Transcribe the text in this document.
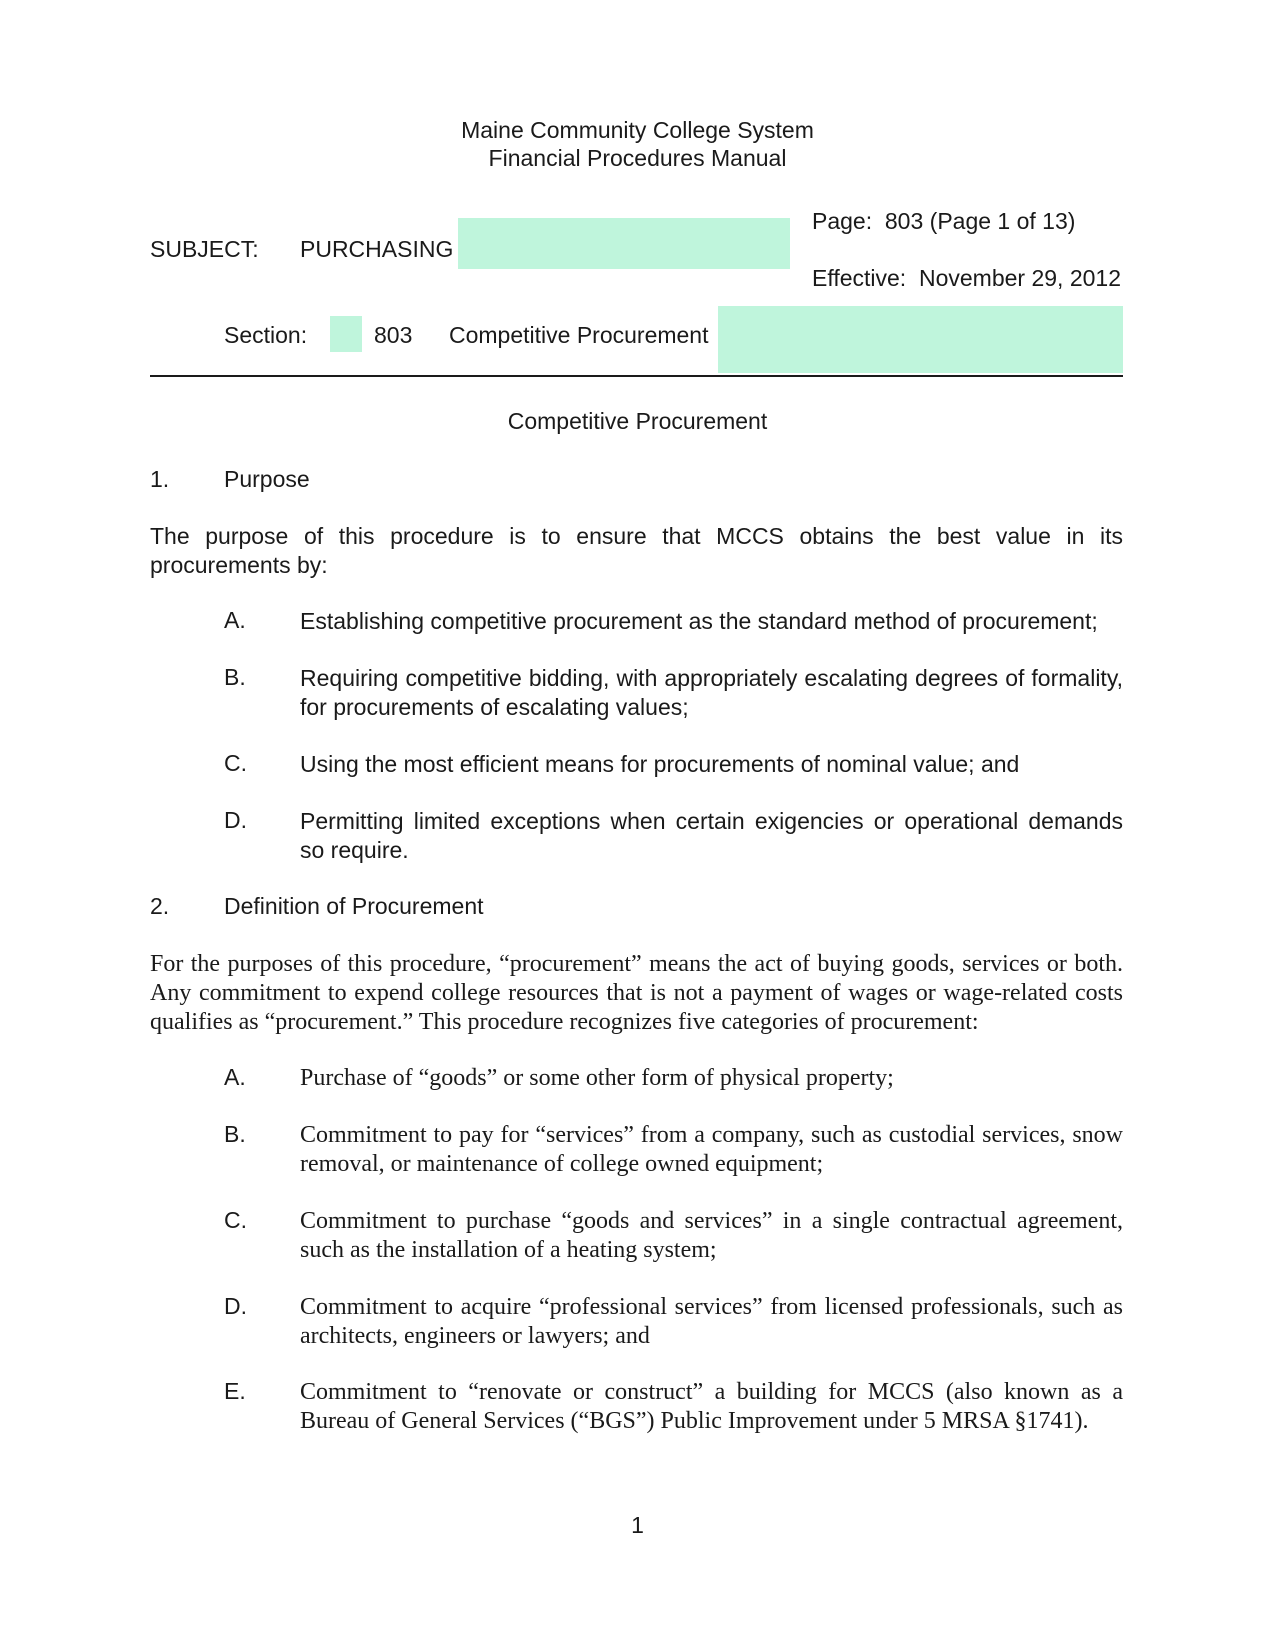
Maine Community College System
Financial Procedures Manual
SUBJECT: PURCHASING
Page: 803 (Page 1 of 13)
Effective: November 29, 2012
Section:	803 Competitive Procurement
Competitive Procurement
1. Purpose
The purpose of this procedure is to ensure that MCCS obtains the best value in its procurements by:
A. Establishing competitive procurement as the standard method of procurement;
B. Requiring competitive bidding, with appropriately escalating degrees of formality, for procurements of escalating values;
C. Using the most efficient means for procurements of nominal value; and
D. Permitting limited exceptions when certain exigencies or operational demands so require.
2. Definition of Procurement
For the purposes of this procedure, “procurement” means the act of buying goods, services or both. Any commitment to expend college resources that is not a payment of wages or wage-related costs qualifies as “procurement.” This procedure recognizes five categories of procurement:
A. Purchase of “goods” or some other form of physical property;
B. Commitment to pay for “services” from a company, such as custodial services, snow removal, or maintenance of college owned equipment;
C. Commitment to purchase “goods and services” in a single contractual agreement, such as the installation of a heating system;
D. Commitment to acquire “professional services” from licensed professionals, such as architects, engineers or lawyers; and
E. Commitment to “renovate or construct” a building for MCCS (also known as a Bureau of General Services (“BGS”) Public Improvement under 5 MRSA §1741).
1
